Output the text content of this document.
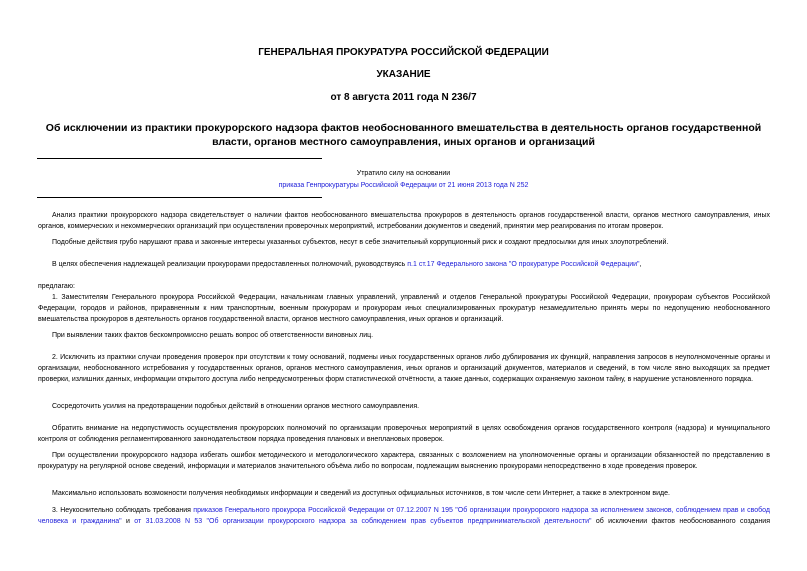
ГЕНЕРАЛЬНАЯ ПРОКУРАТУРА РОССИЙСКОЙ ФЕДЕРАЦИИ
УКАЗАНИЕ
от 8 августа 2011 года N 236/7
Об исключении из практики прокурорского надзора фактов необоснованного вмешательства в деятельность органов государственной власти, органов местного самоуправления, иных органов и организаций
Утратило силу на основании
приказа Генпрокуратуры Российской Федерации от 21 июня 2013 года N 252
Анализ практики прокурорского надзора свидетельствует о наличии фактов необоснованного вмешательства прокуроров в деятельность органов государственной власти, органов местного самоуправления, иных органов, коммерческих и некоммерческих организаций при осуществлении проверочных мероприятий, истребовании документов и сведений, принятии мер реагирования по итогам проверок.
Подобные действия грубо нарушают права и законные интересы указанных субъектов, несут в себе значительный коррупционный риск и создают предпосылки для иных злоупотреблений.
В целях обеспечения надлежащей реализации прокурорами предоставленных полномочий, руководствуясь п.1 ст.17 Федерального закона "О прокуратуре Российской Федерации",
предлагаю:
1. Заместителям Генерального прокурора Российской Федерации, начальникам главных управлений, управлений и отделов Генеральной прокуратуры Российской Федерации, прокурорам субъектов Российской Федерации, городов и районов, приравненным к ним транспортным, военным прокурорам и прокурорам иных специализированных прокуратур незамедлительно принять меры по недопущению необоснованного вмешательства прокуроров в деятельность органов государственной власти, органов местного самоуправления, иных органов и организаций.
При выявлении таких фактов бескомпромиссно решать вопрос об ответственности виновных лиц.
2. Исключить из практики случаи проведения проверок при отсутствии к тому оснований, подмены иных государственных органов либо дублирования их функций, направления запросов в неуполномоченные органы и организации, необоснованного истребования у государственных органов, органов местного самоуправления, иных органов и организаций документов, материалов и сведений, в том числе явно выходящих за предмет проверки, излишних данных, информации открытого доступа либо непредусмотренных форм статистической отчётности, а также данных, содержащих охраняемую законом тайну, в нарушение установленного порядка.
Сосредоточить усилия на предотвращении подобных действий в отношении органов местного самоуправления.
Обратить внимание на недопустимость осуществления прокурорских полномочий по организации проверочных мероприятий в целях освобождения органов государственного контроля (надзора) и муниципального контроля от соблюдения регламентированного законодательством порядка проведения плановых и внеплановых проверок.
При осуществлении прокурорского надзора избегать ошибок методического и методологического характера, связанных с возложением на уполномоченные органы и организации обязанностей по представлению в прокуратуру на регулярной основе сведений, информации и материалов значительного объёма либо по вопросам, подлежащим выяснению прокурорами непосредственно в ходе проведения проверок.
Максимально использовать возможности получения необходимых информации и сведений из доступных официальных источников, в том числе сети Интернет, а также в электронном виде.
3. Неукоснительно соблюдать требования приказов Генерального прокурора Российской Федерации от 07.12.2007 N 195 "Об организации прокурорского надзора за исполнением законов, соблюдением прав и свобод человека и гражданина" и от 31.03.2008 N 53 "Об организации прокурорского надзора за соблюдением прав субъектов предпринимательской деятельности" об исключении фактов необоснованного создания
